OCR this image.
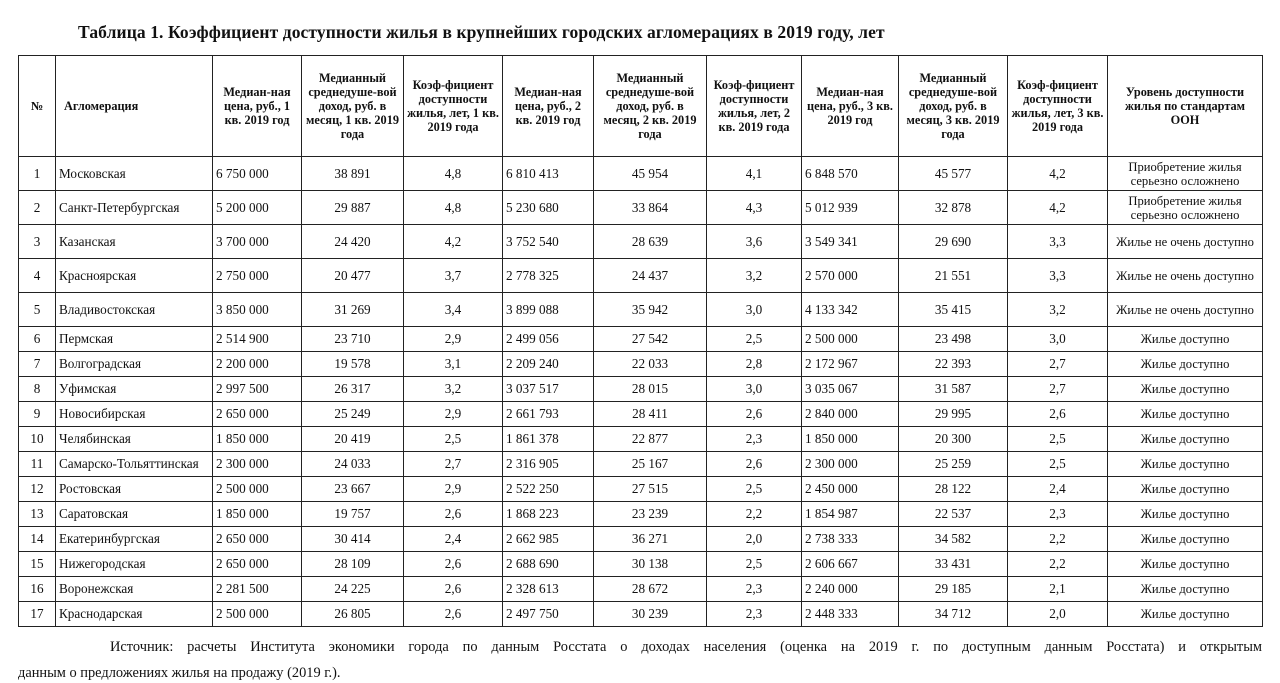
Таблица 1. Коэффициент доступности жилья в крупнейших городских агломерациях в 2019 году, лет
№	Агломерация	Медиан-ная цена, руб., 1 кв. 2019 год	Медианный среднедуше-вой доход, руб. в месяц, 1 кв. 2019 года	Коэф-фициент доступности жилья, лет, 1 кв. 2019 года	Медиан-ная цена, руб., 2 кв. 2019 год	Медианный среднедуше-вой доход, руб. в месяц, 2 кв. 2019 года	Коэф-фициент доступности жилья, лет, 2 кв. 2019 года	Медиан-ная цена, руб., 3 кв. 2019 год	Медианный среднедуше-вой доход, руб. в месяц, 3 кв. 2019 года	Коэф-фициент доступности жилья, лет, 3 кв. 2019 года	Уровень доступности жилья по стандартам ООН
1	Московская	6 750 000	38 891	4,8	6 810 413	45 954	4,1	6 848 570	45 577	4,2	Приобретение жилья серьезно осложнено
2	Санкт-Петербургская	5 200 000	29 887	4,8	5 230 680	33 864	4,3	5 012 939	32 878	4,2	Приобретение жилья серьезно осложнено
3	Казанская	3 700 000	24 420	4,2	3 752 540	28 639	3,6	3 549 341	29 690	3,3	Жилье не очень доступно
4	Красноярская	2 750 000	20 477	3,7	2 778 325	24 437	3,2	2 570 000	21 551	3,3	Жилье не очень доступно
5	Владивостокская	3 850 000	31 269	3,4	3 899 088	35 942	3,0	4 133 342	35 415	3,2	Жилье не очень доступно
6	Пермская	2 514 900	23 710	2,9	2 499 056	27 542	2,5	2 500 000	23 498	3,0	Жилье доступно
7	Волгоградская	2 200 000	19 578	3,1	2 209 240	22 033	2,8	2 172 967	22 393	2,7	Жилье доступно
8	Уфимская	2 997 500	26 317	3,2	3 037 517	28 015	3,0	3 035 067	31 587	2,7	Жилье доступно
9	Новосибирская	2 650 000	25 249	2,9	2 661 793	28 411	2,6	2 840 000	29 995	2,6	Жилье доступно
10	Челябинская	1 850 000	20 419	2,5	1 861 378	22 877	2,3	1 850 000	20 300	2,5	Жилье доступно
11	Самарско-Тольяттинская	2 300 000	24 033	2,7	2 316 905	25 167	2,6	2 300 000	25 259	2,5	Жилье доступно
12	Ростовская	2 500 000	23 667	2,9	2 522 250	27 515	2,5	2 450 000	28 122	2,4	Жилье доступно
13	Саратовская	1 850 000	19 757	2,6	1 868 223	23 239	2,2	1 854 987	22 537	2,3	Жилье доступно
14	Екатеринбургская	2 650 000	30 414	2,4	2 662 985	36 271	2,0	2 738 333	34 582	2,2	Жилье доступно
15	Нижегородская	2 650 000	28 109	2,6	2 688 690	30 138	2,5	2 606 667	33 431	2,2	Жилье доступно
16	Воронежская	2 281 500	24 225	2,6	2 328 613	28 672	2,3	2 240 000	29 185	2,1	Жилье доступно
17	Краснодарская	2 500 000	26 805	2,6	2 497 750	30 239	2,3	2 448 333	34 712	2,0	Жилье доступно
Источник: расчеты Института экономики города по данным Росстата о доходах населения (оценка на 2019 г. по доступным данным Росстата) и открытым
данным о предложениях жилья на продажу (2019 г.).
